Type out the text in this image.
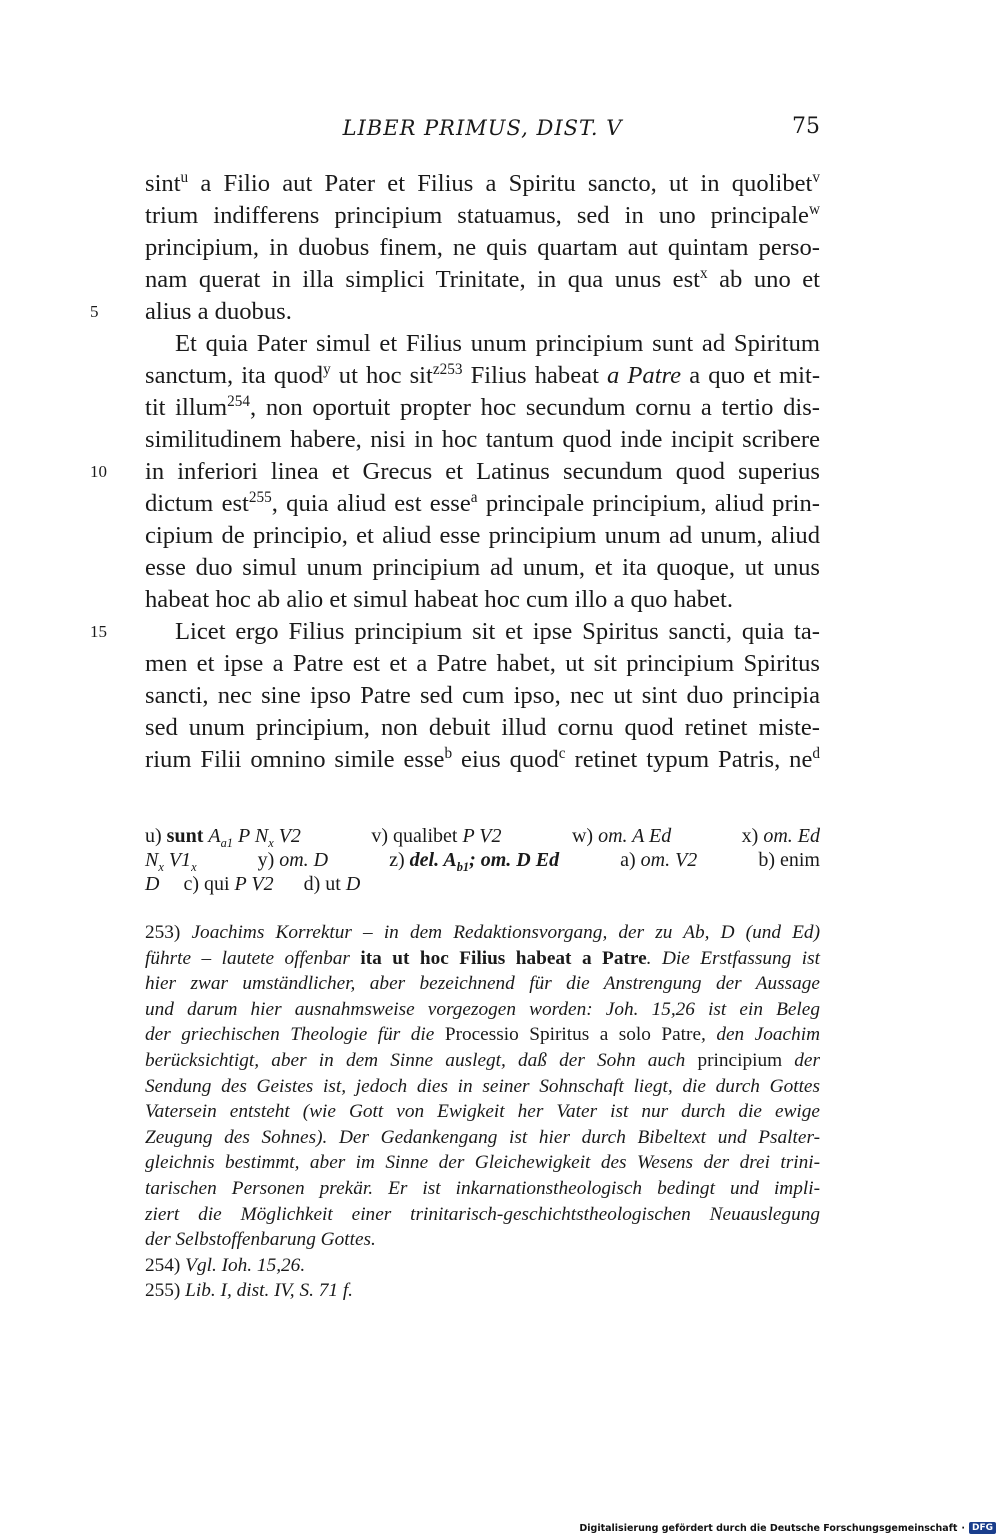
LIBER PRIMUS, DIST. V	75
sint$^u$ a Filio aut Pater et Filius a Spiritu sancto, ut in quolibet$^v$
trium indifferens principium statuamus, sed in uno principale$^w$
principium, in duobus finem, ne quis quartam aut quintam perso-
nam querat in illa simplici Trinitate, in qua unus est$^x$ ab uno et
5	alius a duobus.
Et quia Pater simul et Filius unum principium sunt ad Spiritum
sanctum, ita quod$^y$ ut hoc sit$^{z253}$ Filius habeat a Patre a quo et mit-
tit illum$^{254}$, non oportuit propter hoc secundum cornu a tertio dis-
similitudinem habere, nisi in hoc tantum quod inde incipit scribere
10	in inferiori linea et Grecus et Latinus secundum quod superius
dictum est$^{255}$, quia aliud est esse$^a$ principale principium, aliud prin-
cipium de principio, et aliud esse principium unum ad unum, aliud
esse duo simul unum principium ad unum, et ita quoque, ut unus
habeat hoc ab alio et simul habeat hoc cum illo a quo habet.
15	Licet ergo Filius principium sit et ipse Spiritus sancti, quia ta-
men et ipse a Patre est et a Patre habet, ut sit principium Spiritus
sancti, nec sine ipso Patre sed cum ipso, nec ut sint duo principia
sed unum principium, non debuit illud cornu quod retinet miste-
rium Filii omnino simile esse$^b$ eius quod$^c$ retinet typum Patris, $ne^d$
u) sunt $A_{a1}$ P $N_x$ V2	v) qualibet P V2	w) om. A Ed	x) om. Ed
$N_x$ $V1_x$	y) om. D	z) del. $A_{b1}$; om. D Ed	a) om. V2	b) enim
D c) qui P V2 d) ut D
253) Joachims Korrektur – in dem Redaktionsvorgang, der zu Ab, D (und Ed)
führte – lautete offenbar ita ut hoc Filius habeat a Patre. Die Erstfassung ist
hier zwar umständlicher, aber bezeichnend für die Anstrengung der Aussage
und darum hier ausnahmsweise vorgezogen worden: Joh. 15,26 ist ein Beleg
der griechischen Theologie für die Processio Spiritus a solo Patre, den Joachim
berücksichtigt, aber in dem Sinne auslegt, daß der Sohn auch principium der
Sendung des Geistes ist, jedoch dies in seiner Sohnschaft liegt, die durch Gottes
Vatersein entsteht (wie Gott von Ewigkeit her Vater ist nur durch die ewige
Zeugung des Sohnes). Der Gedankengang ist hier durch Bibeltext und Psalter-
gleichnis bestimmt, aber im Sinne der Gleichewigkeit des Wesens der drei trini-
tarischen Personen prekär. Er ist inkarnationstheologisch bedingt und impli-
ziert die Möglichkeit einer trinitarisch-geschichtstheologischen Neuauslegung
der Selbstoffenbarung Gottes.
254) Vgl. Ioh. 15,26.
255) Lib. I, dist. IV, S. 71 f.
Digitalisierung gefördert durch die Deutsche Forschungsgemeinschaft · DFG
